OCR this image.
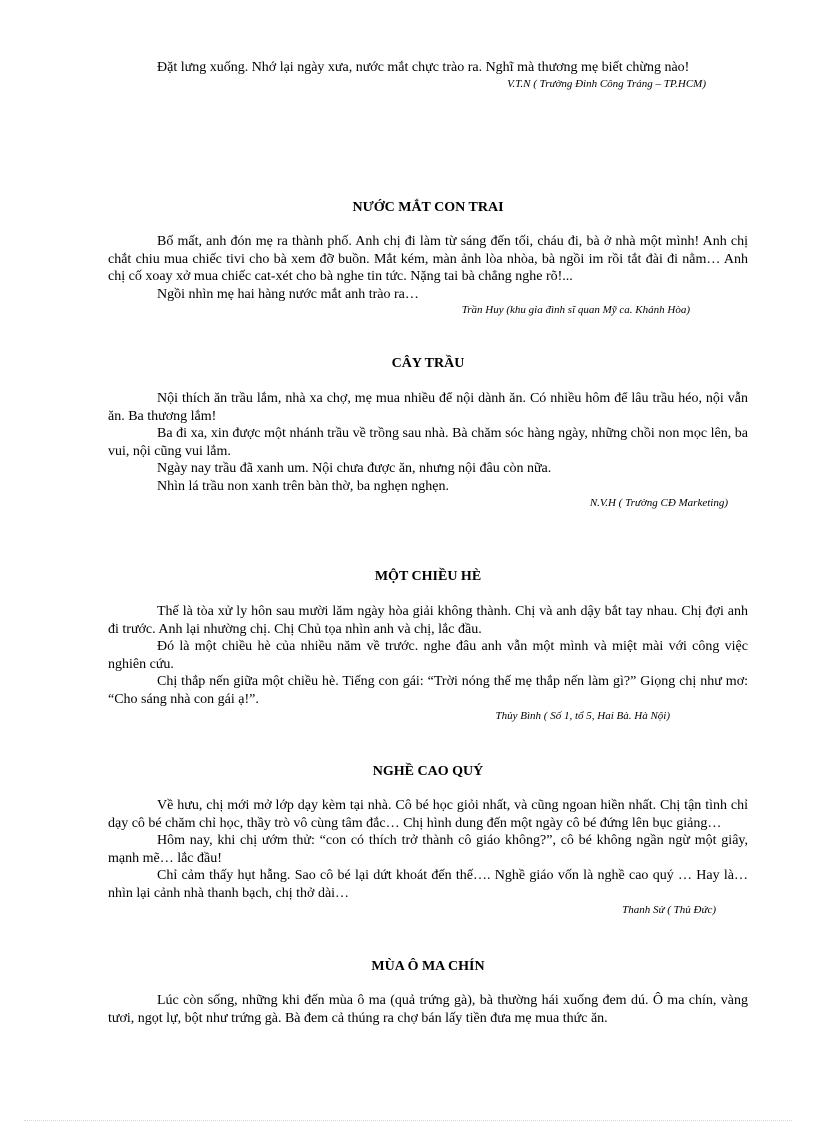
Đặt lưng xuống. Nhớ lại ngày xưa, nước mắt chực trào ra. Nghĩ mà thương mẹ biết chừng nào!

V.T.N ( Trường Đinh Công Tráng – TP.HCM)

NƯỚC MẮT CON TRAI

Bố mất, anh đón mẹ ra thành phố. Anh chị đi làm từ sáng đến tối, cháu đi, bà ở nhà một mình! Anh chị chắt chiu mua chiếc tivi cho bà xem đỡ buồn. Mắt kém, màn ảnh lòa nhòa, bà ngồi im rồi tắt đài đi nằm… Anh chị cố xoay xở mua chiếc cat-xét cho bà nghe tin tức. Nặng tai bà chẳng nghe rõ!...

Ngồi nhìn mẹ hai hàng nước mắt anh trào ra…

Trần Huy (khu gia đình sĩ quan Mỹ ca. Khánh Hòa)

CÂY TRẦU

Nội thích ăn trầu lắm, nhà xa chợ, mẹ mua nhiều để nội dành ăn. Có nhiều hôm để lâu trầu héo, nội vẫn ăn. Ba thương lắm!

Ba đi xa, xin được một nhánh trầu về trồng sau nhà. Bà chăm sóc hàng ngày, những chồi non mọc lên, ba vui, nội cũng vui lắm.

Ngày nay trầu đã xanh um. Nội chưa được ăn, nhưng nội đâu còn nữa.

Nhìn lá trầu non xanh trên bàn thờ, ba nghẹn nghẹn.

N.V.H ( Trường CĐ Marketing)

MỘT CHIỀU HÈ

Thế là tòa xử ly hôn sau mười lăm ngày hòa giải không thành. Chị và anh dậy bắt tay nhau. Chị đợi anh đi trước. Anh lại nhường chị. Chị Chủ tọa nhìn anh và chị, lắc đầu.

Đó là một chiều hè của nhiều năm về trước. nghe đâu anh vẫn một mình và miệt mài với công việc nghiên cứu.

Chị thắp nến giữa một chiều hè. Tiếng con gái: “Trời nóng thế mẹ thắp nến làm gì?” Giọng chị như mơ: “Cho sáng nhà con gái ạ!”.

Thủy Bình ( Số 1, tổ 5, Hai Bà. Hà Nội)

NGHỀ CAO QUÝ

Về hưu, chị mới mở lớp dạy kèm tại nhà. Cô bé học giỏi nhất, và cũng ngoan hiền nhất. Chị tận tình chỉ dạy cô bé chăm chỉ học, thầy trò vô cùng tâm đắc… Chị hình dung đến một ngày cô bé đứng lên bục giảng…

Hôm nay, khi chị ướm thử: “con có thích trở thành cô giáo không?”, cô bé không ngần ngừ một giây, mạnh mẽ… lắc đầu!

Chỉ cảm thấy hụt hẫng. Sao cô bé lại dứt khoát đến thế…. Nghề giáo vốn là nghề cao quý … Hay là… nhìn lại cảnh nhà thanh bạch, chị thở dài…

Thanh Sử ( Thủ Đức)

MÙA Ô MA CHÍN

Lúc còn sống, những khi đến mùa ô ma (quả trứng gà), bà thường hái xuống đem dú. Ô ma chín, vàng tươi, ngọt lự, bột như trứng gà. Bà đem cả thúng ra chợ bán lấy tiền đưa mẹ mua thức ăn.
